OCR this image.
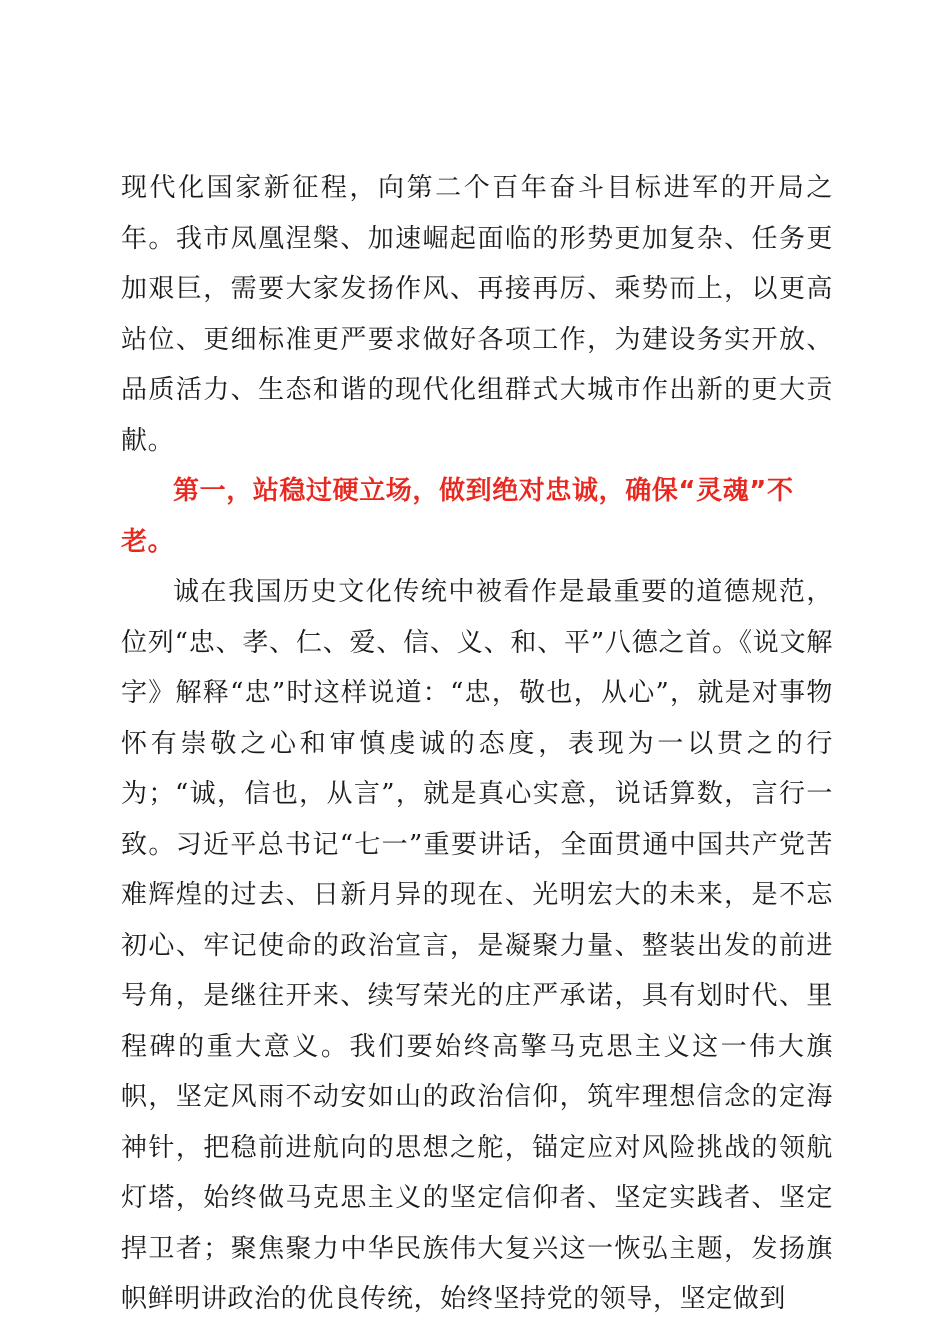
现代化国家新征程，向第二个百年奋斗目标进军的开局之年。我市凤凰涅槃、加速崛起面临的形势更加复杂、任务更加艰巨，需要大家发扬作风、再接再厉、乘势而上，以更高站位、更细标准更严要求做好各项工作，为建设务实开放、品质活力、生态和谐的现代化组群式大城市作出新的更大贡献。

第一，站稳过硬立场，做到绝对忠诚，确保“灵魂”不老。

诚在我国历史文化传统中被看作是最重要的道德规范，位列“忠、孝、仁、爱、信、义、和、平”八德之首。《说文解字》解释“忠”时这样说道：“忠，敬也，从心”，就是对事物怀有崇敬之心和审慎虔诚的态度，表现为一以贯之的行为；“诚，信也，从言”，就是真心实意，说话算数，言行一致。习近平总书记“七一”重要讲话，全面贯通中国共产党苦难辉煌的过去、日新月异的现在、光明宏大的未来，是不忘初心、牢记使命的政治宣言，是凝聚力量、整装出发的前进号角，是继往开来、续写荣光的庄严承诺，具有划时代、里程碑的重大意义。我们要始终高擎马克思主义这一伟大旗帜，坚定风雨不动安如山的政治信仰，筑牢理想信念的定海神针，把稳前进航向的思想之舵，锚定应对风险挑战的领航灯塔，始终做马克思主义的坚定信仰者、坚定实践者、坚定捍卫者；聚焦聚力中华民族伟大复兴这一恢弘主题，发扬旗帜鲜明讲政治的优良传统，始终坚持党的领导，坚定做到
